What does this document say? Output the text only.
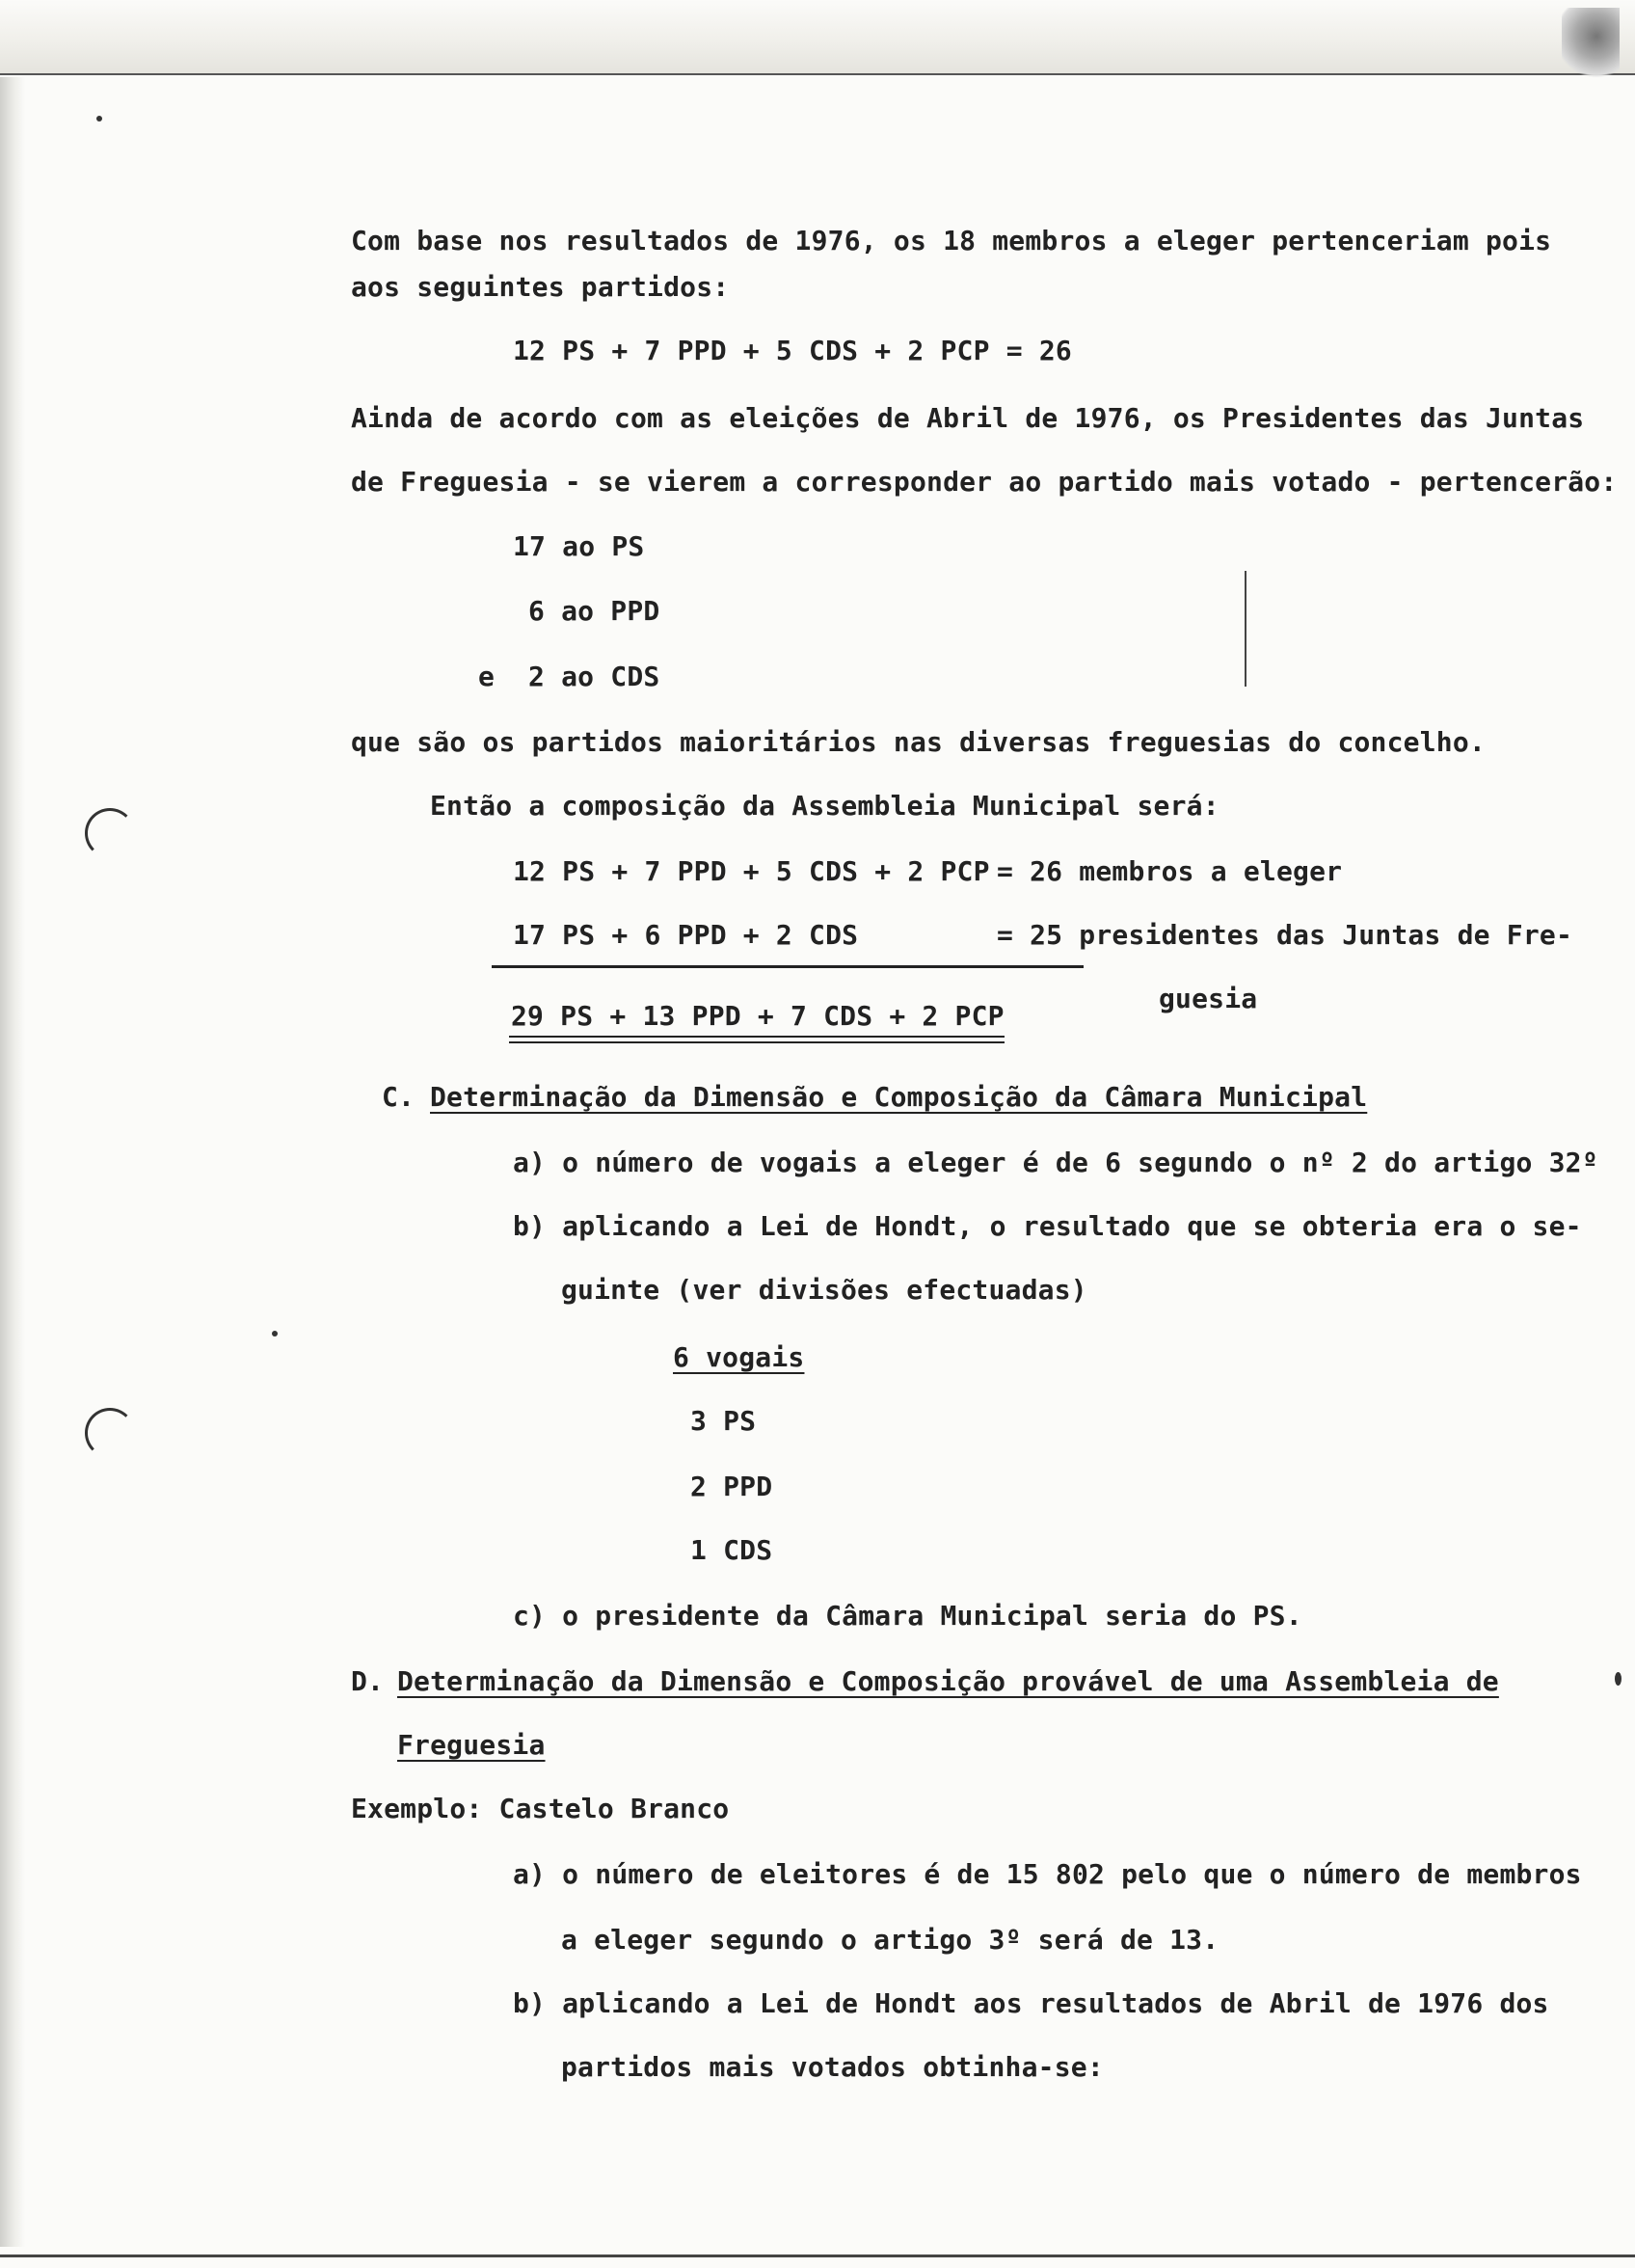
Com base nos resultados de 1976, os 18 membros a eleger pertenceriam pois
aos seguintes partidos:
12 PS + 7 PPD + 5 CDS + 2 PCP = 26
Ainda de acordo com as eleições de Abril de 1976, os Presidentes das Juntas
de Freguesia - se vierem a corresponder ao partido mais votado - pertencerão:
17 ao PS
6 ao PPD
e 2 ao CDS
que são os partidos maioritários nas diversas freguesias do concelho.
Então a composição da Assembleia Municipal será:
12 PS + 7 PPD + 5 CDS + 2 PCP = 26 membros a eleger
17 PS + 6 PPD + 2 CDS	= 25 presidentes das Juntas de Fre-
guesia
29 PS + 13 PPD + 7 CDS + 2 PCP
C. Determinação da Dimensão e Composição da Câmara Municipal
a) o número de vogais a eleger é de 6 segundo o nº 2 do artigo 32º
b) aplicando a Lei de Hondt, o resultado que se obteria era o se-
guinte (ver divisões efectuadas)
6 vogais
3 PS
2 PPD
1 CDS
c) o presidente da Câmara Municipal seria do PS.
D. Determinação da Dimensão e Composição provável de uma Assembleia de
Freguesia
Exemplo: Castelo Branco
a) o número de eleitores é de 15 802 pelo que o número de membros
a eleger segundo o artigo 3º será de 13.
b) aplicando a Lei de Hondt aos resultados de Abril de 1976 dos
partidos mais votados obtinha-se:
